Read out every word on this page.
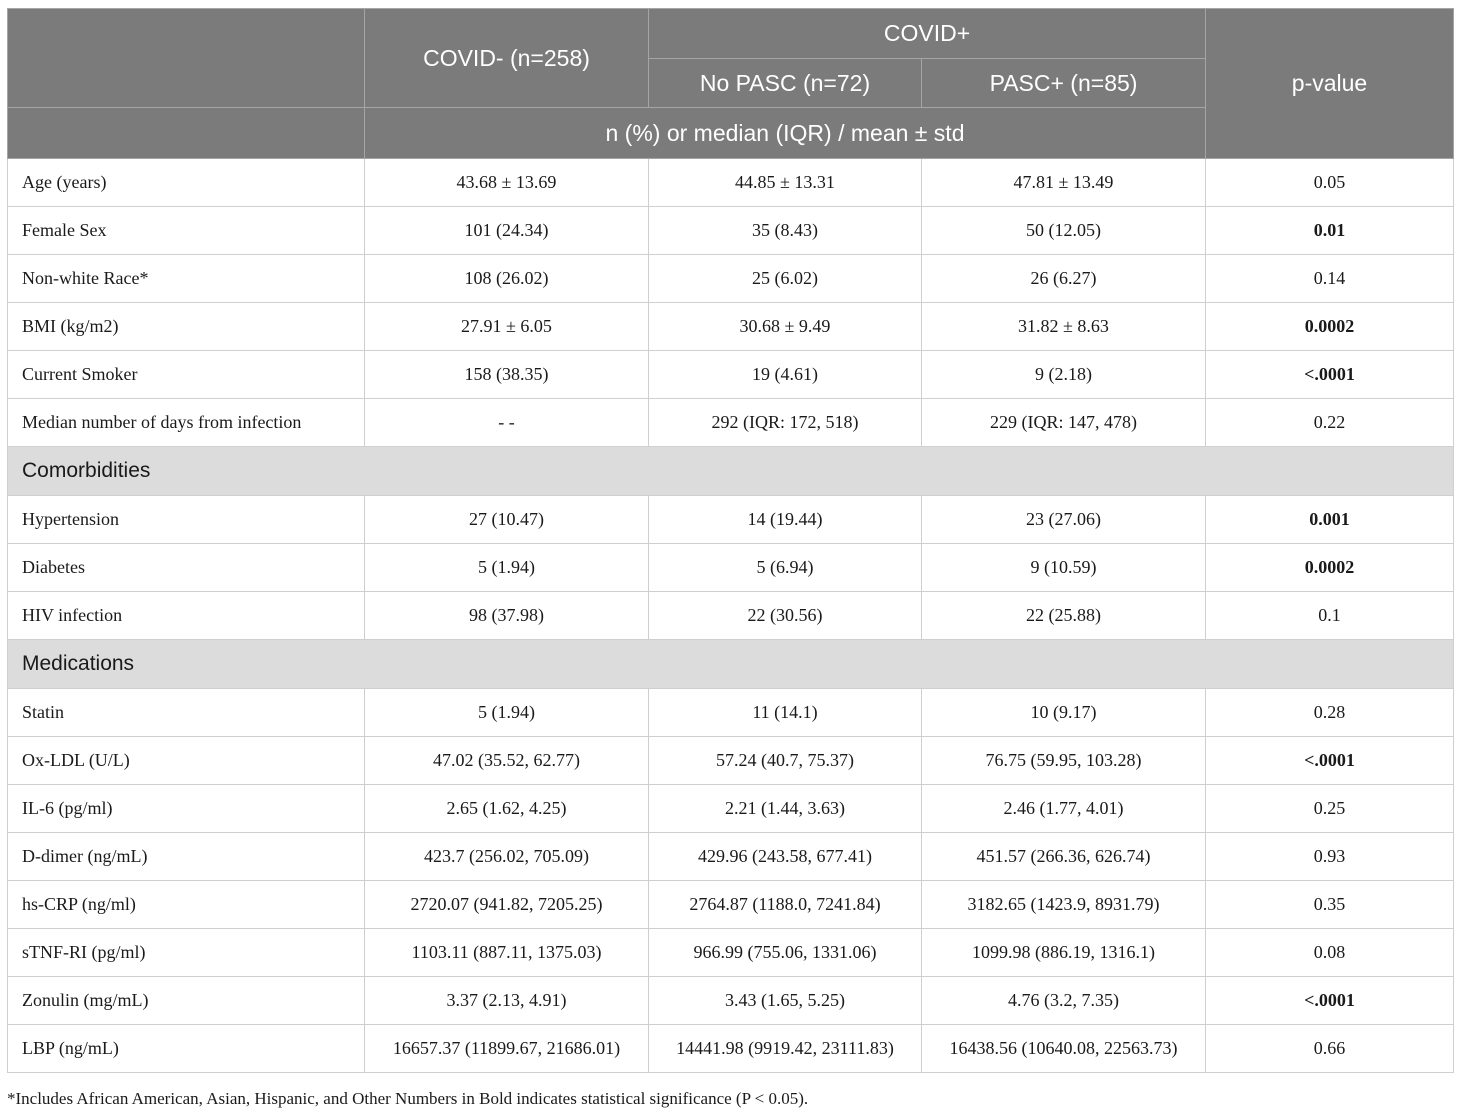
	COVID- (n=258)	COVID+		p-value
		No PASC (n=72)	PASC+ (n=85)	
	n (%) or median (IQR) / mean ± std			
Age (years)	43.68 ± 13.69	44.85 ± 13.31	47.81 ± 13.49	0.05
Female Sex	101 (24.34)	35 (8.43)	50 (12.05)	0.01
Non-white Race*	108 (26.02)	25 (6.02)	26 (6.27)	0.14
BMI (kg/m2)	27.91 ± 6.05	30.68 ± 9.49	31.82 ± 8.63	0.0002
Current Smoker	158 (38.35)	19 (4.61)	9 (2.18)	<.0001
Median number of days from infection	- -	292 (IQR: 172, 518)	229 (IQR: 147, 478)	0.22
Comorbidities				
Hypertension	27 (10.47)	14 (19.44)	23 (27.06)	0.001
Diabetes	5 (1.94)	5 (6.94)	9 (10.59)	0.0002
HIV infection	98 (37.98)	22 (30.56)	22 (25.88)	0.1
Medications				
Statin	5 (1.94)	11 (14.1)	10 (9.17)	0.28
Ox-LDL (U/L)	47.02 (35.52, 62.77)	57.24 (40.7, 75.37)	76.75 (59.95, 103.28)	<.0001
IL-6 (pg/ml)	2.65 (1.62, 4.25)	2.21 (1.44, 3.63)	2.46 (1.77, 4.01)	0.25
D-dimer (ng/mL)	423.7 (256.02, 705.09)	429.96 (243.58, 677.41)	451.57 (266.36, 626.74)	0.93
hs-CRP (ng/ml)	2720.07 (941.82, 7205.25)	2764.87 (1188.0, 7241.84)	3182.65 (1423.9, 8931.79)	0.35
sTNF-RI (pg/ml)	1103.11 (887.11, 1375.03)	966.99 (755.06, 1331.06)	1099.98 (886.19, 1316.1)	0.08
Zonulin (mg/mL)	3.37 (2.13, 4.91)	3.43 (1.65, 5.25)	4.76 (3.2, 7.35)	<.0001
LBP (ng/mL)	16657.37 (11899.67, 21686.01)	14441.98 (9919.42, 23111.83)	16438.56 (10640.08, 22563.73)	0.66
*Includes African American, Asian, Hispanic, and Other Numbers in Bold indicates statistical significance (P < 0.05).
